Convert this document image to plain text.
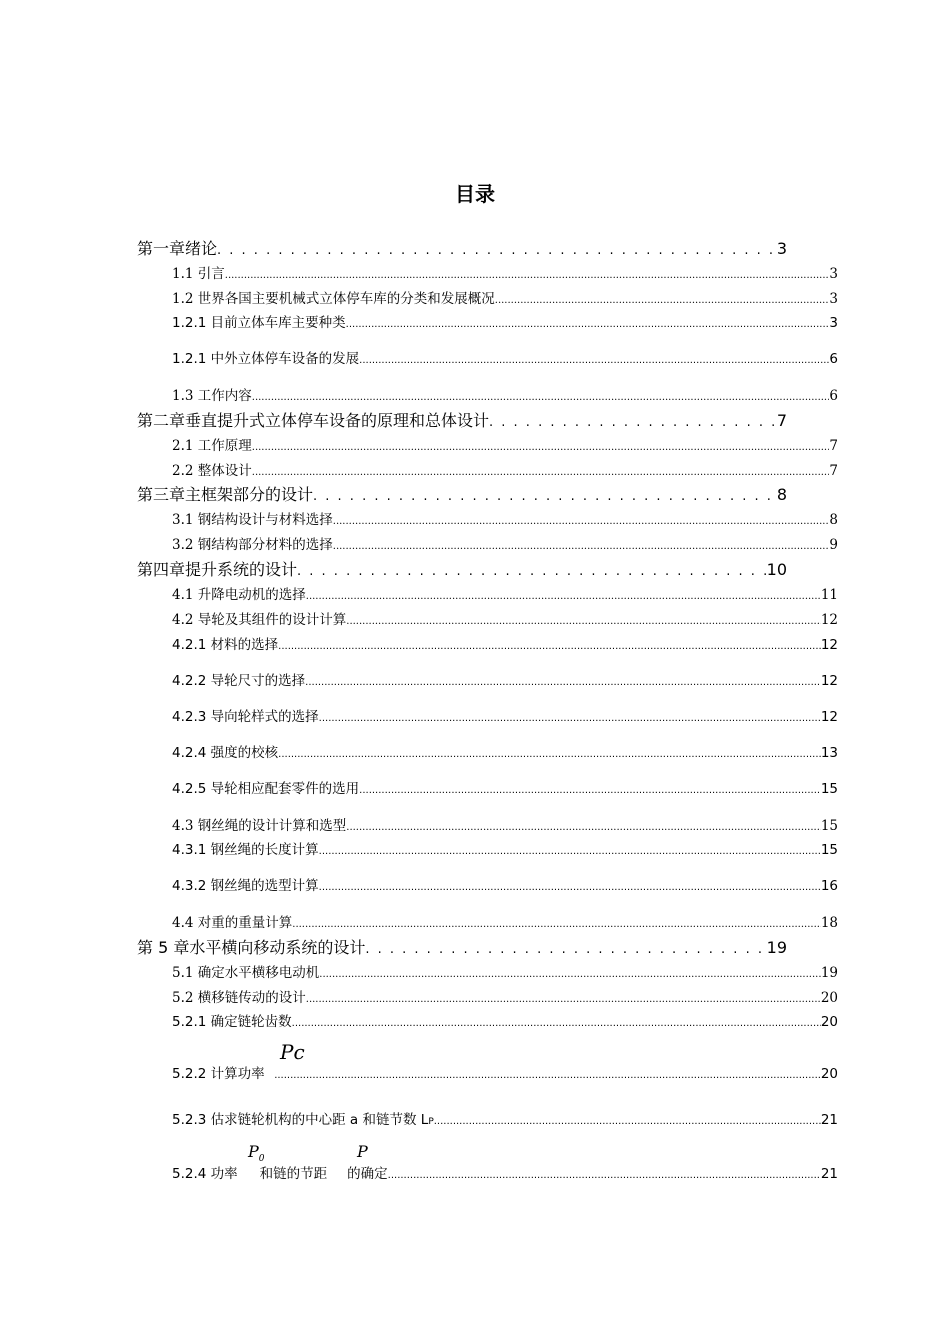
目录
第一章绪论 . . .	3
1.1 引言 .....	3
1.2 世界各国主要机械式立体停车库的分类和发展概况 .....	3
1.2.1 目前立体车库主要种类 .....	3
1.2.1 中外立体停车设备的发展 .....	6
1.3 工作内容 .....	6
第二章垂直提升式立体停车设备的原理和总体设计 . . .	7
2.1 工作原理 .....	7
2.2 整体设计 .....	7
第三章主框架部分的设计 . . .	8
3.1 钢结构设计与材料选择 .....	8
3.2 钢结构部分材料的选择 .....	9
第四章提升系统的设计 . . .	10
4.1 升降电动机的选择 .....	11
4.2 导轮及其组件的设计计算 .....	12
4.2.1 材料的选择 .....	12
4.2.2 导轮尺寸的选择 .....	12
4.2.3 导向轮样式的选择 .....	12
4.2.4 强度的校核 .....	13
4.2.5 导轮相应配套零件的选用 .....	15
4.3 钢丝绳的设计计算和选型 .....	15
4.3.1 钢丝绳的长度计算 .....	15
4.3.2 钢丝绳的选型计算 .....	16
4.4 对重的重量计算 .....	18
第 5 章水平横向移动系统的设计 . . .	19
5.1 确定水平横移电动机 .....	19
5.2 横移链传动的设计 .....	20
5.2.1 确定链轮齿数 .....	20
Pc
5.2.2 计算功率 .....	20
5.2.3 估求链轮机构的中心距 a 和链节数 LP .....	21
$P_0$	P
5.2.4 功率 和链的节距 的确定 .....	21
